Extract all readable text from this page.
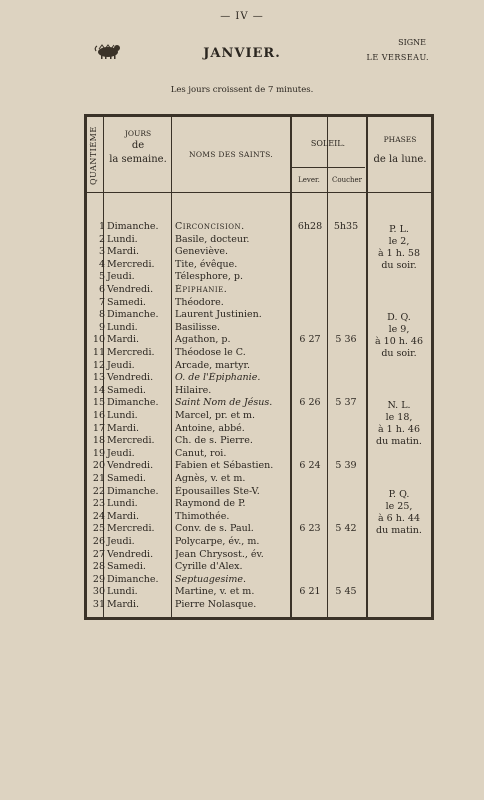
— IV —
JANVIER.
SIGNE
LE VERSEAU.
Les jours croissent de 7 minutes.
QUANTIÈME	JOURS
de
la semaine.	NOMS DES SAINTS.
SOLEIL.
Lever.	Coucher
PHASES
de la lune.
1 Dimanche.	Circoncision.	6h28	5h35
2 Lundi.	Basile, docteur.
3 Mardi.	Geneviève.
4 Mercredi.	Tite, évêque.
5 Jeudi.	Télesphore, p.
6 Vendredi.	Épiphanie.
7 Samedi.	Théodore.
8 Dimanche.	Laurent Justinien.
9 Lundi.	Basilisse.
10 Mardi.	Agathon, p.	6 27	5 36
11 Mercredi.	Théodose le C.
12 Jeudi.	Arcade, martyr.
13 Vendredi.	O. de l'Épiphanie.
14 Samedi.	Hilaire.
15 Dimanche.	Saint Nom de Jésus.	6 26	5 37
16 Lundi.	Marcel, pr. et m.
17 Mardi.	Antoine, abbé.
18 Mercredi.	Ch. de s. Pierre.
19 Jeudi.	Canut, roi.
20 Vendredi.	Fabien et Sébastien.	6 24	5 39
21 Samedi.	Agnès, v. et m.
22 Dimanche.	Épousailles Ste-V.
23 Lundi.	Raymond de P.
24 Mardi.	Thimothée.
25 Mercredi.	Conv. de s. Paul.	6 23	5 42
26 Jeudi.	Polycarpe, év., m.
27 Vendredi.	Jean Chrysost., év.
28 Samedi.	Cyrille d'Alex.
29 Dimanche.	Septuagesime.
30 Lundi.	Martine, v. et m.	6 21	5 45
31 Mardi.	Pierre Nolasque.
P. L.
le 2,
à 1 h. 58
du soir.
D. Q.
le 9,
à 10 h. 46
du soir.
N. L.
le 18,
à 1 h. 46
du matin.
P. Q.
le 25,
à 6 h. 44
du matin.
